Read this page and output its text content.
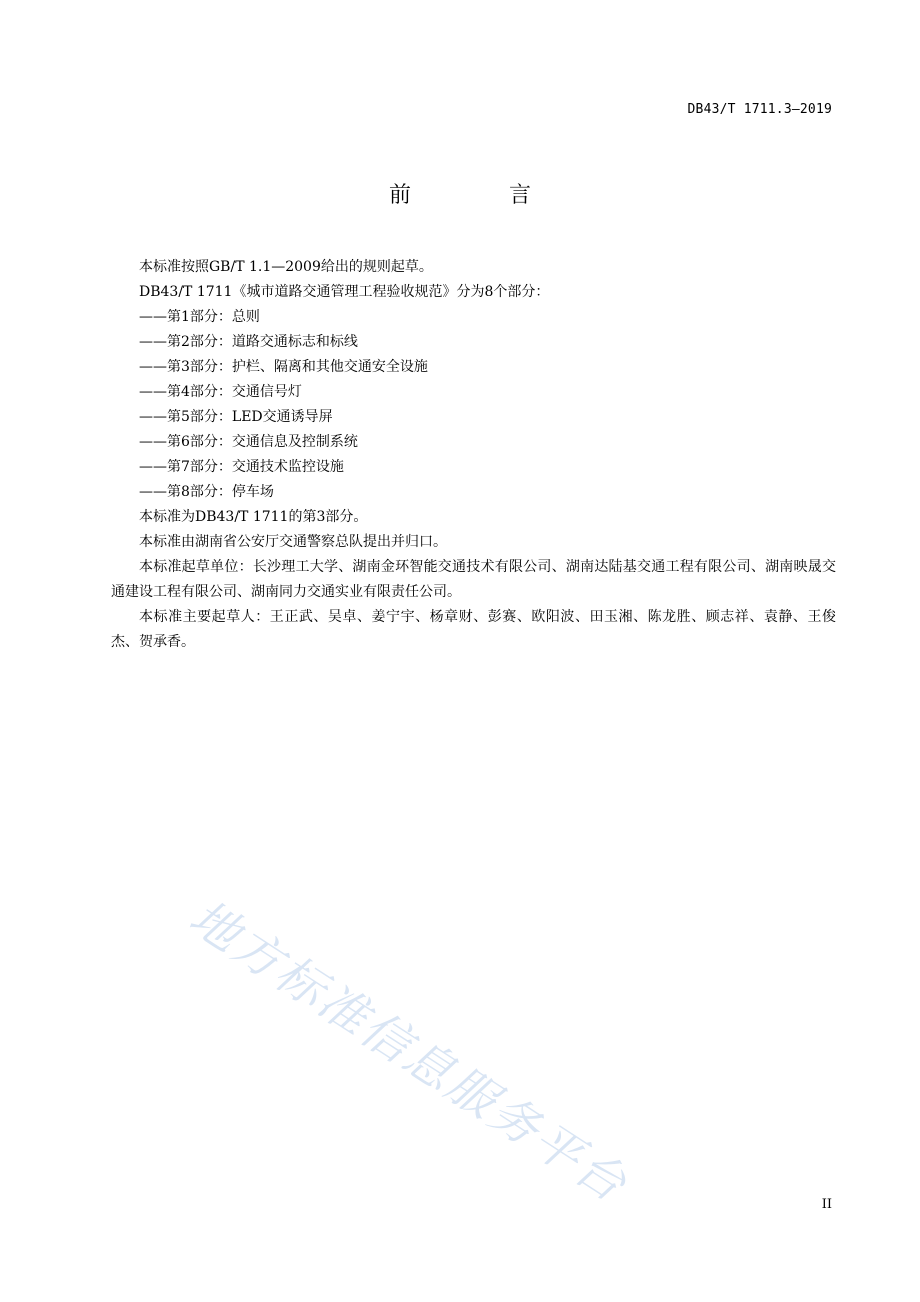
DB43/T 1711.3—2019
前　言

本标准按照GB/T 1.1—2009给出的规则起草。

DB43/T 1711《城市道路交通管理工程验收规范》分为8个部分：

——第1部分：总则

——第2部分：道路交通标志和标线

——第3部分：护栏、隔离和其他交通安全设施

——第4部分：交通信号灯

——第5部分：LED交通诱导屏

——第6部分：交通信息及控制系统

——第7部分：交通技术监控设施

——第8部分：停车场

本标准为DB43/T 1711的第3部分。

本标准由湖南省公安厅交通警察总队提出并归口。

本标准起草单位：长沙理工大学、湖南金环智能交通技术有限公司、湖南达陆基交通工程有限公司、湖南映晟交通建设工程有限公司、湖南同力交通实业有限责任公司。

本标准主要起草人：王正武、吴卓、姜宁宇、杨章财、彭赛、欧阳波、田玉湘、陈龙胜、顾志祥、袁静、王俊杰、贺承香。

地方标准信息服务平台	II
